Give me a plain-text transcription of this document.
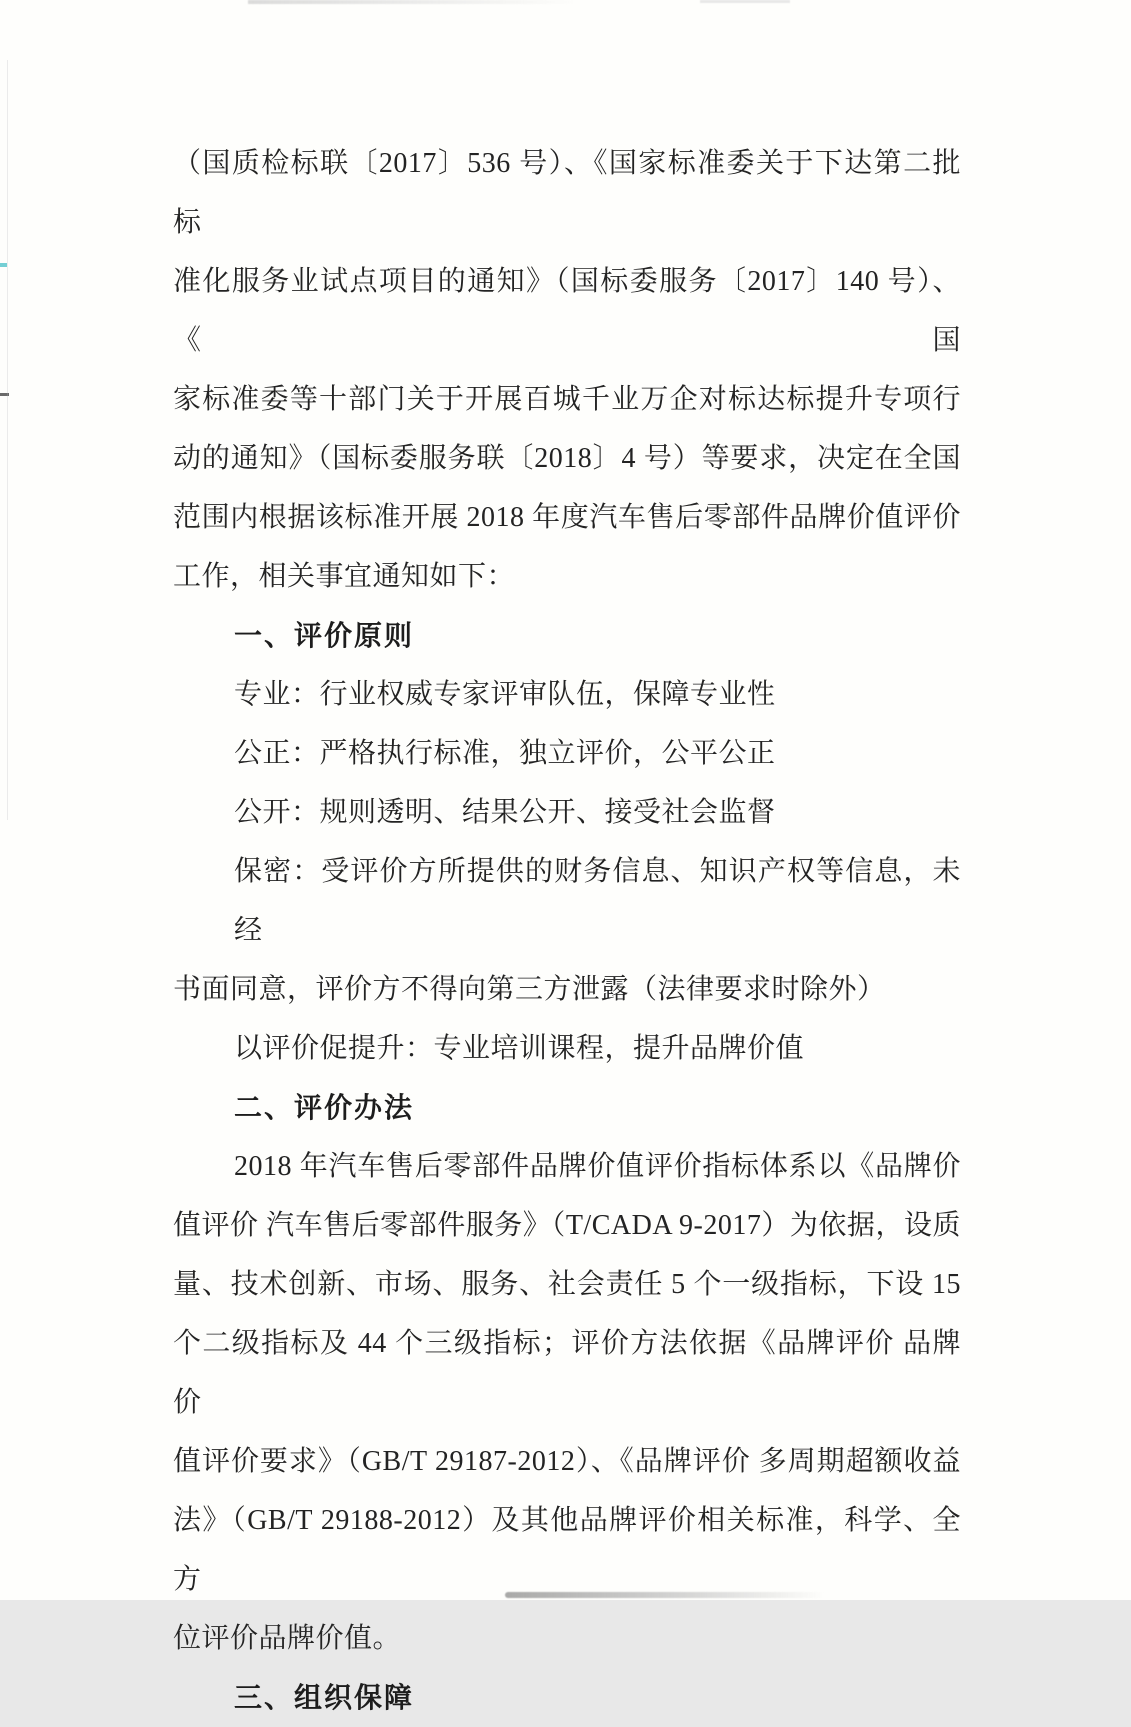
（国质检标联〔2017〕536 号）、《国家标准委关于下达第二批标
准化服务业试点项目的通知》（国标委服务〔2017〕140 号）、《国
家标准委等十部门关于开展百城千业万企对标达标提升专项行
动的通知》（国标委服务联〔2018〕4 号）等要求，决定在全国
范围内根据该标准开展 2018 年度汽车售后零部件品牌价值评价
工作，相关事宜通知如下：
一、评价原则
专业：行业权威专家评审队伍，保障专业性
公正：严格执行标准，独立评价，公平公正
公开：规则透明、结果公开、接受社会监督
保密：受评价方所提供的财务信息、知识产权等信息，未经
书面同意，评价方不得向第三方泄露（法律要求时除外）
以评价促提升：专业培训课程，提升品牌价值
二、评价办法
2018 年汽车售后零部件品牌价值评价指标体系以《品牌价
值评价 汽车售后零部件服务》（T/CADA 9-2017）为依据，设质
量、技术创新、市场、服务、社会责任 5 个一级指标，下设 15
个二级指标及 44 个三级指标；评价方法依据《品牌评价 品牌价
值评价要求》（GB/T 29187-2012）、《品牌评价 多周期超额收益
法》（GB/T 29188-2012）及其他品牌评价相关标准，科学、全方
位评价品牌价值。
三、组织保障
